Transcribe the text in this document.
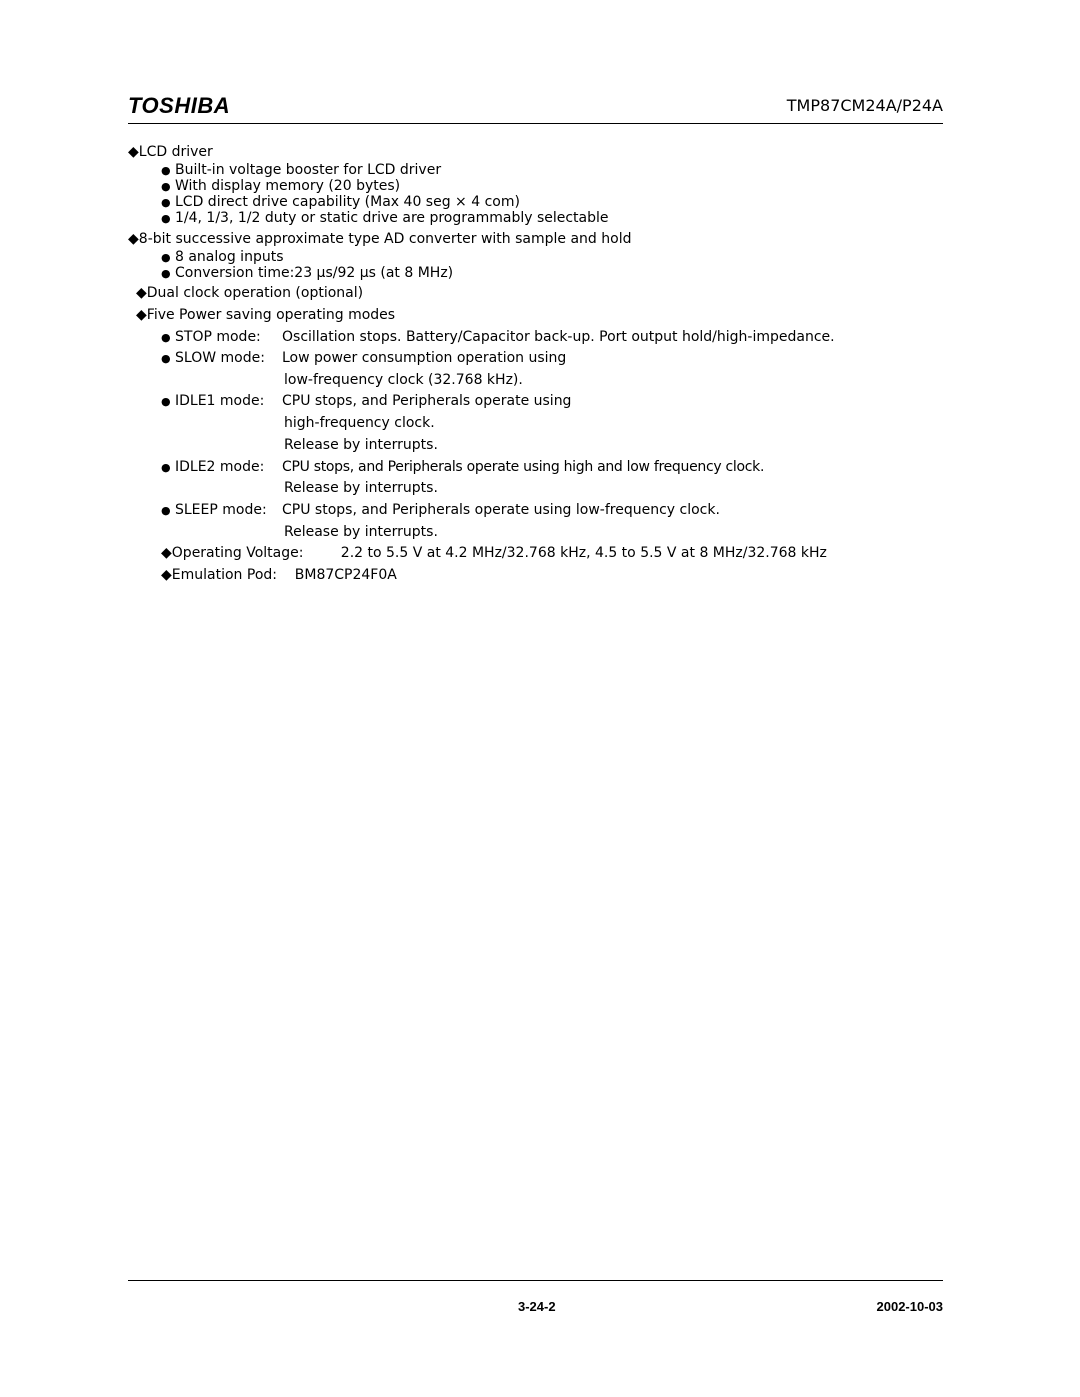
TOSHIBA	TMP87CM24A/P24A
◆LCD driver
● Built-in voltage booster for LCD driver
● With display memory (20 bytes)
● LCD direct drive capability (Max 40 seg × 4 com)
● 1/4, 1/3, 1/2 duty or static drive are programmably selectable
◆8-bit successive approximate type AD converter with sample and hold
● 8 analog inputs
● Conversion time:23 μs/92 μs (at 8 MHz)
◆Dual clock operation (optional)
◆Five Power saving operating modes
● STOP mode: Oscillation stops. Battery/Capacitor back-up. Port output hold/high-impedance.
● SLOW mode: Low power consumption operation using
low-frequency clock (32.768 kHz).
● IDLE1 mode: CPU stops, and Peripherals operate using
high-frequency clock.
Release by interrupts.
● IDLE2 mode: CPU stops, and Peripherals operate using high and low frequency clock.
Release by interrupts.
● SLEEP mode: CPU stops, and Peripherals operate using low-frequency clock.
Release by interrupts.
◆Operating Voltage:	2.2 to 5.5 V at 4.2 MHz/32.768 kHz, 4.5 to 5.5 V at 8 MHz/32.768 kHz
◆Emulation Pod: BM87CP24F0A
3-24-2	2002-10-03
